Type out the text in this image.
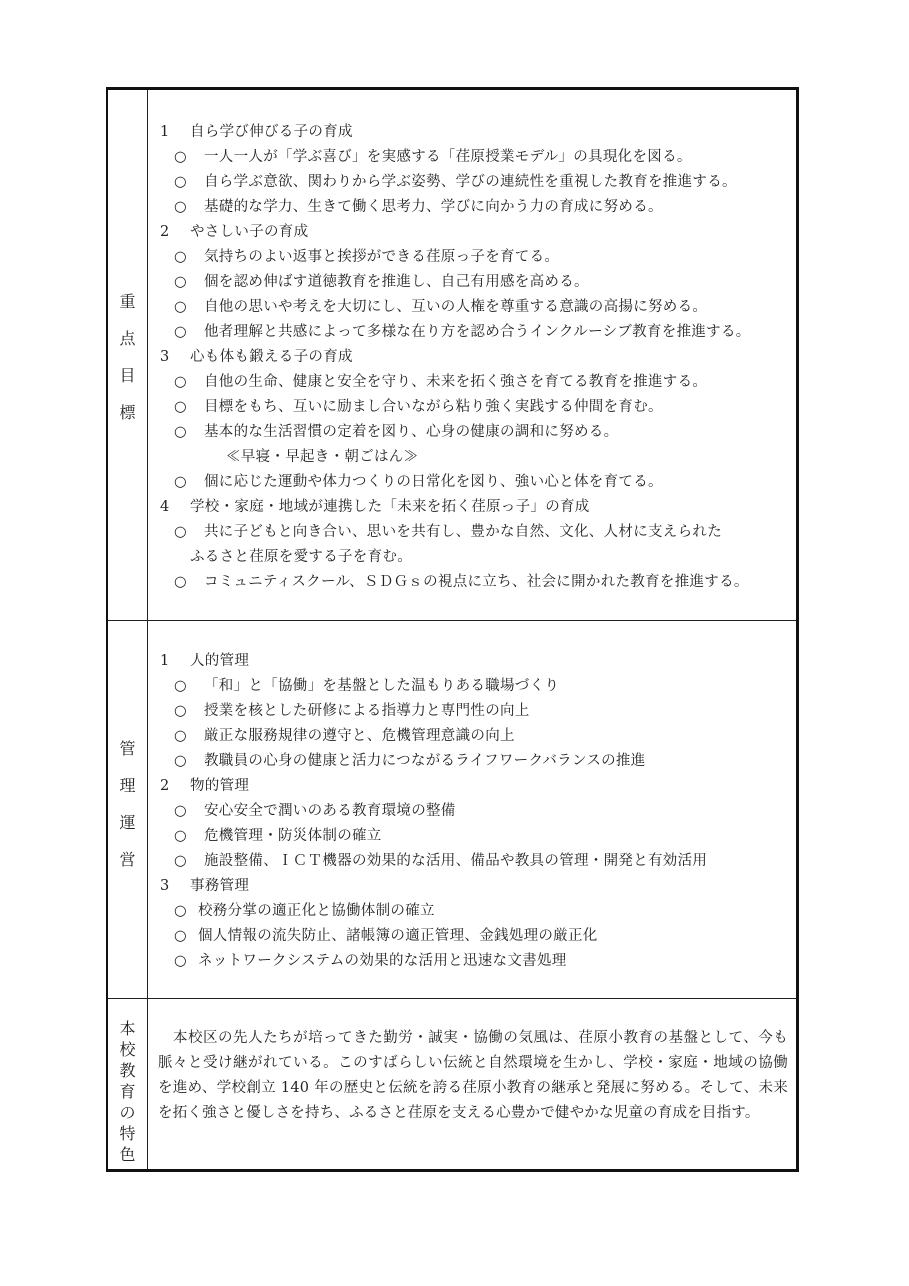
重
点
目
標
1 自ら学び伸びる子の育成
○ 一人一人が「学ぶ喜び」を実感する「荏原授業モデル」の具現化を図る。
○ 自ら学ぶ意欲、関わりから学ぶ姿勢、学びの連続性を重視した教育を推進する。
○ 基礎的な学力、生きて働く思考力、学びに向かう力の育成に努める。
2 やさしい子の育成
○ 気持ちのよい返事と挨拶ができる荏原っ子を育てる。
○ 個を認め伸ばす道徳教育を推進し、自己有用感を高める。
○ 自他の思いや考えを大切にし、互いの人権を尊重する意識の高揚に努める。
○ 他者理解と共感によって多様な在り方を認め合うインクルーシブ教育を推進する。
3 心も体も鍛える子の育成
○ 自他の生命、健康と安全を守り、未来を拓く強さを育てる教育を推進する。
○ 目標をもち、互いに励まし合いながら粘り強く実践する仲間を育む。
○ 基本的な生活習慣の定着を図り、心身の健康の調和に努める。
≪早寝・早起き・朝ごはん≫
○ 個に応じた運動や体力つくりの日常化を図り、強い心と体を育てる。
4 学校・家庭・地域が連携した「未来を拓く荏原っ子」の育成
○ 共に子どもと向き合い、思いを共有し、豊かな自然、文化、人材に支えられた
ふるさと荏原を愛する子を育む。
○ コミュニティスクール、ＳＤＧｓの視点に立ち、社会に開かれた教育を推進する。
管
理
運
営
1 人的管理
○ 「和」と「協働」を基盤とした温もりある職場づくり
○ 授業を核とした研修による指導力と専門性の向上
○ 厳正な服務規律の遵守と、危機管理意識の向上
○ 教職員の心身の健康と活力につながるライフワークバランスの推進
2 物的管理
○ 安心安全で潤いのある教育環境の整備
○ 危機管理・防災体制の確立
○ 施設整備、ＩＣＴ機器の効果的な活用、備品や教具の管理・開発と有効活用
3 事務管理
○ 校務分掌の適正化と協働体制の確立
○ 個人情報の流失防止、諸帳簿の適正管理、金銭処理の厳正化
○ ネットワークシステムの効果的な活用と迅速な文書処理
本
校
教
育
の
特
色
本校区の先人たちが培ってきた勤労・誠実・協働の気風は、荏原小教育の基盤として、今も脈々と受け継がれている。このすばらしい伝統と自然環境を生かし、学校・家庭・地域の協働を進め、学校創立 140 年の歴史と伝統を誇る荏原小教育の継承と発展に努める。そして、未来を拓く強さと優しさを持ち、ふるさと荏原を支える心豊かで健やかな児童の育成を目指す。
